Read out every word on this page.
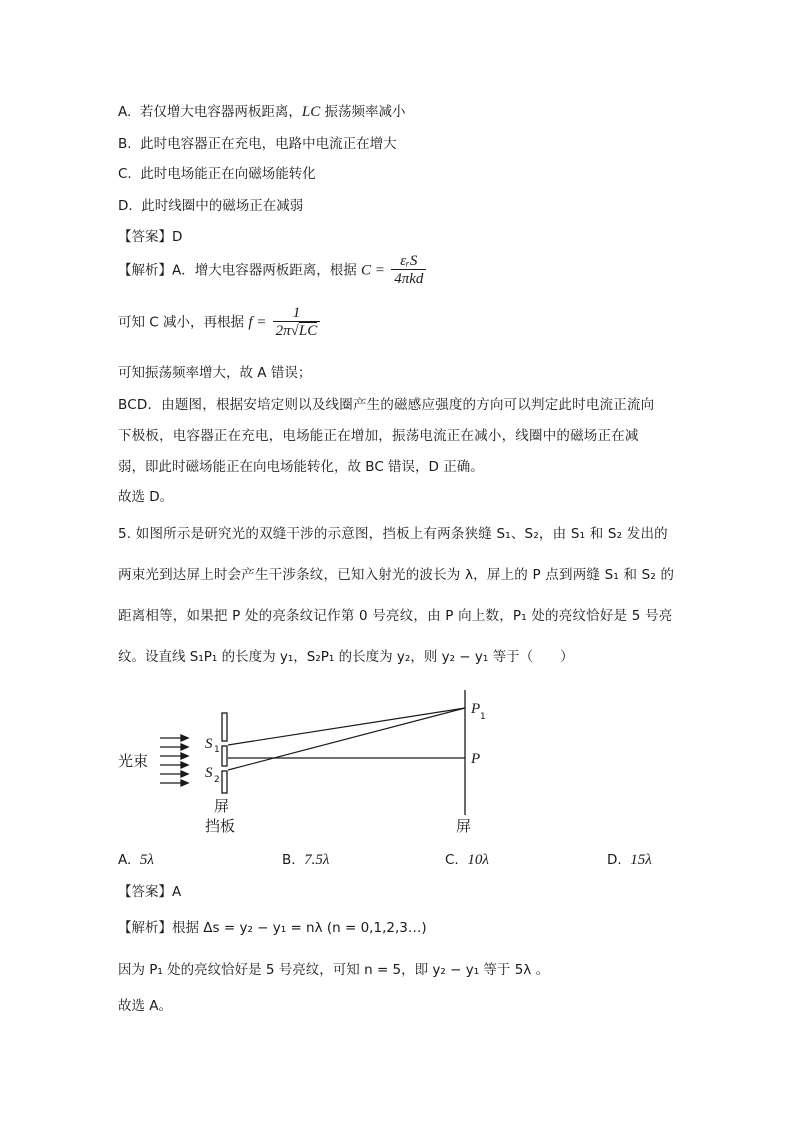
A. 若仅增大电容器两板距离，LC 振荡频率减小
B. 此时电容器正在充电，电路中电流正在增大
C. 此时电场能正在向磁场能转化
D. 此时线圈中的磁场正在减弱
【答案】D
【解析】A．增大电容器两板距离，根据 $C = \frac{\text{εᵣS}}{\text{4πkd}}$
可知 C 减小，再根据 $f = \frac{1}{2\pi√LC}$
可知振荡频率增大，故 A 错误；
BCD．由题图，根据安培定则以及线圈产生的磁感应强度的方向可以判定此时电流正流向
下极板，电容器正在充电，电场能正在增加，振荡电流正在减小，线圈中的磁场正在减
弱，即此时磁场能正在向电场能转化，故 BC 错误，D 正确。
故选 D。
5. 如图所示是研究光的双缝干涉的示意图，挡板上有两条狭缝 S₁、S₂，由 S₁ 和 S₂ 发出的
两束光到达屏上时会产生干涉条纹，已知入射光的波长为 λ，屏上的 P 点到两缝 S₁ 和 S₂ 的
距离相等，如果把 P 处的亮条纹记作第 0 号亮纹，由 P 向上数，P₁ 处的亮纹恰好是 5 号亮
纹。设直线 S₁P₁ 的长度为 y₁，S₂P₁ 的长度为 y₂，则 y₂ − y₁ 等于（　　）
光束
S 1
S 2
P 1
P
屏
挡板	屏
A. 5λ	B. 7.5λ	C. 10λ	D. 15λ
【答案】A
【解析】根据 Δs = y₂ − y₁ = nλ (n = 0,1,2,3…)
因为 P₁ 处的亮纹恰好是 5 号亮纹，可知 n = 5，即 y₂ − y₁ 等于 5λ 。
故选 A。
